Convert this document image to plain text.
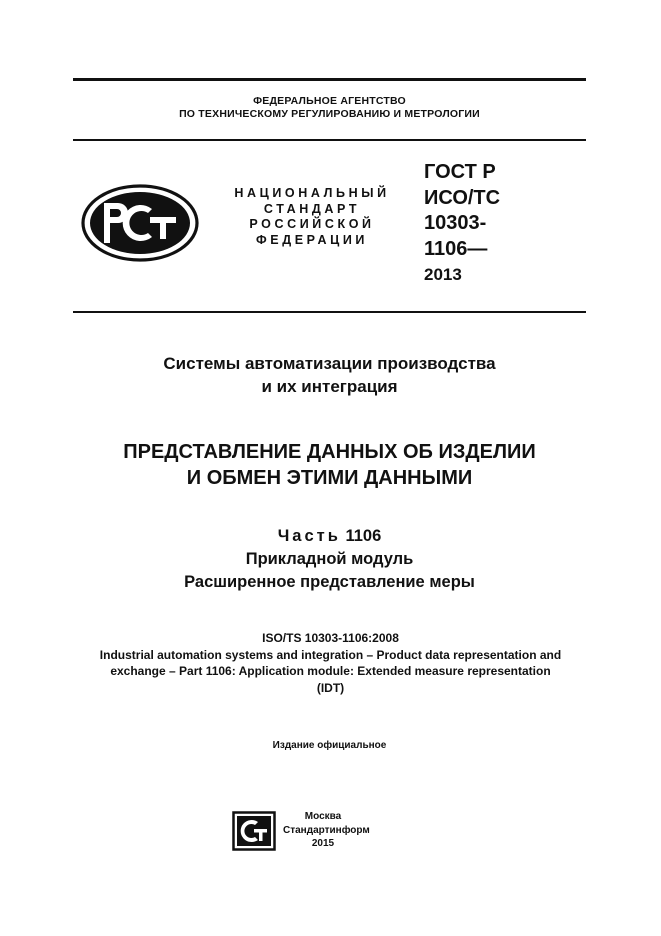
ФЕДЕРАЛЬНОЕ АГЕНТСТВО
ПО ТЕХНИЧЕСКОМУ РЕГУЛИРОВАНИЮ И МЕТРОЛОГИИ
НАЦИОНАЛЬНЫЙ
СТАНДАРТ
РОССИЙСКОЙ
ФЕДЕРАЦИИ
ГОСТ Р
ИСО/ТС
10303-
1106—
2013
Системы автоматизации производства
и их интеграция
ПРЕДСТАВЛЕНИЕ ДАННЫХ ОБ ИЗДЕЛИИ
И ОБМЕН ЭТИМИ ДАННЫМИ
Часть 1106
Прикладной модуль
Расширенное представление меры
ISO/TS 10303-1106:2008
Industrial automation systems and integration – Product data representation and
exchange – Part 1106: Application module: Extended measure representation
(IDT)
Издание официальное
Москва
Стандартинформ
2015
